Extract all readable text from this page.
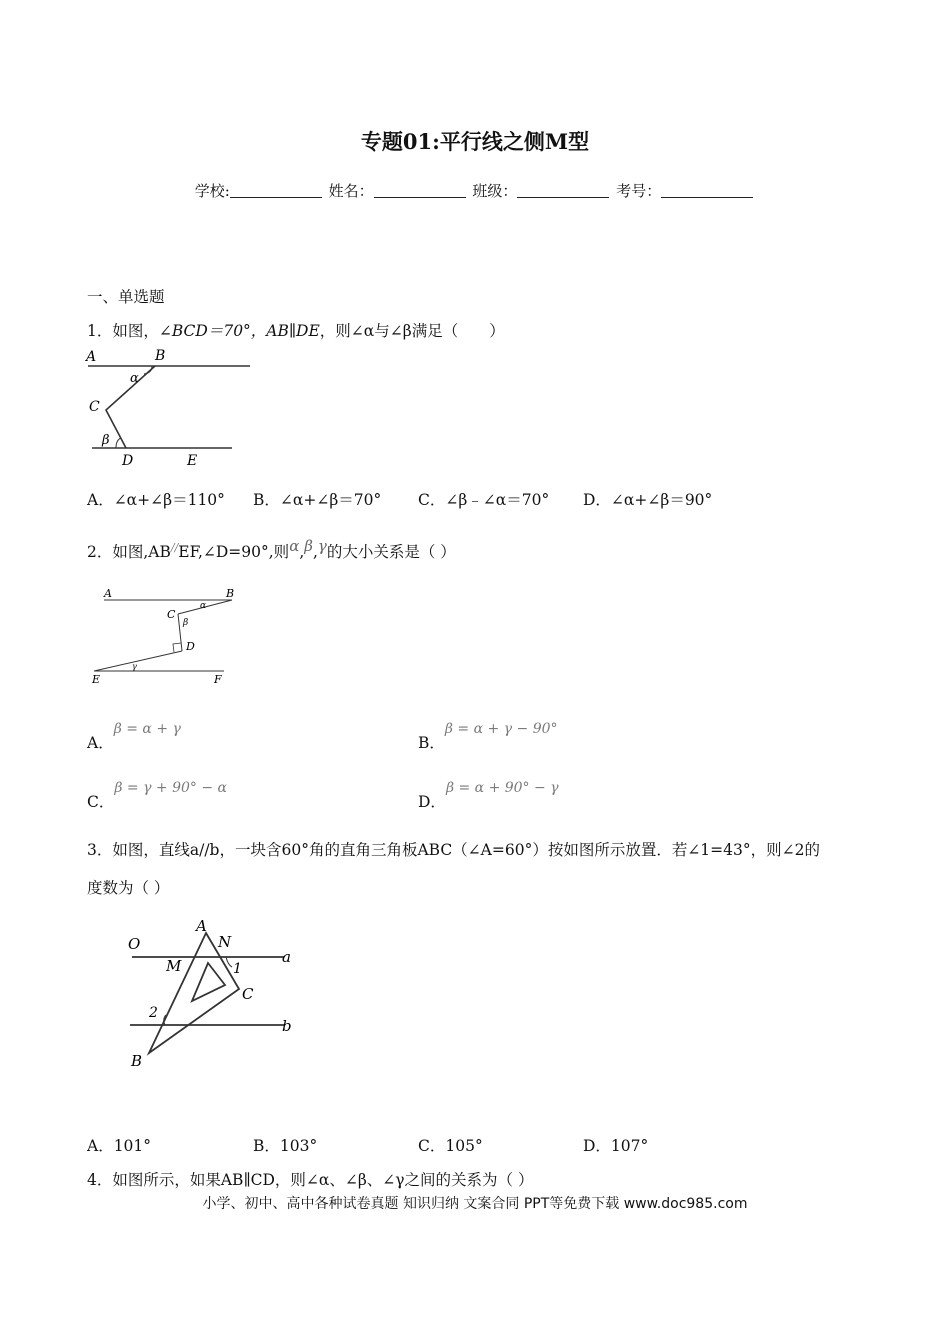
专题01:平行线之侧M型
学校:	姓名：	班级：	考号：
一、单选题
1．如图，∠BCD＝70°，AB∥DE，则∠α与∠β满足（　　）
A	B
α
C
β
D	E
A．∠α+∠β＝110° B．∠α+∠β＝70° C．∠β﹣∠α＝70° D．∠α+∠β＝90°
2．如图,AB//EF,∠D=90°,则$^\alpha$,$^\beta$,$^\gamma$的大小关系是（ ）
A	B
C
α
β
D
E
γ
F
A．β = α + γ
B．β = α + γ − 90°
C．β = γ + 90° − α
D．β = α + 90° − γ
3．如图，直线a//b，一块含60°角的直角三角板ABC（∠A=60°）按如图所示放置．若∠1=43°，则∠2的
度数为（ ）
O
A
N
M	1
a
C
2
b
B
A．101°	B．103°	C．105°	D．107°
4．如图所示，如果AB∥CD，则∠α、∠β、∠γ之间的关系为（ ）
小学、初中、高中各种试卷真题 知识归纳 文案合同 PPT等免费下载 www.doc985.com
